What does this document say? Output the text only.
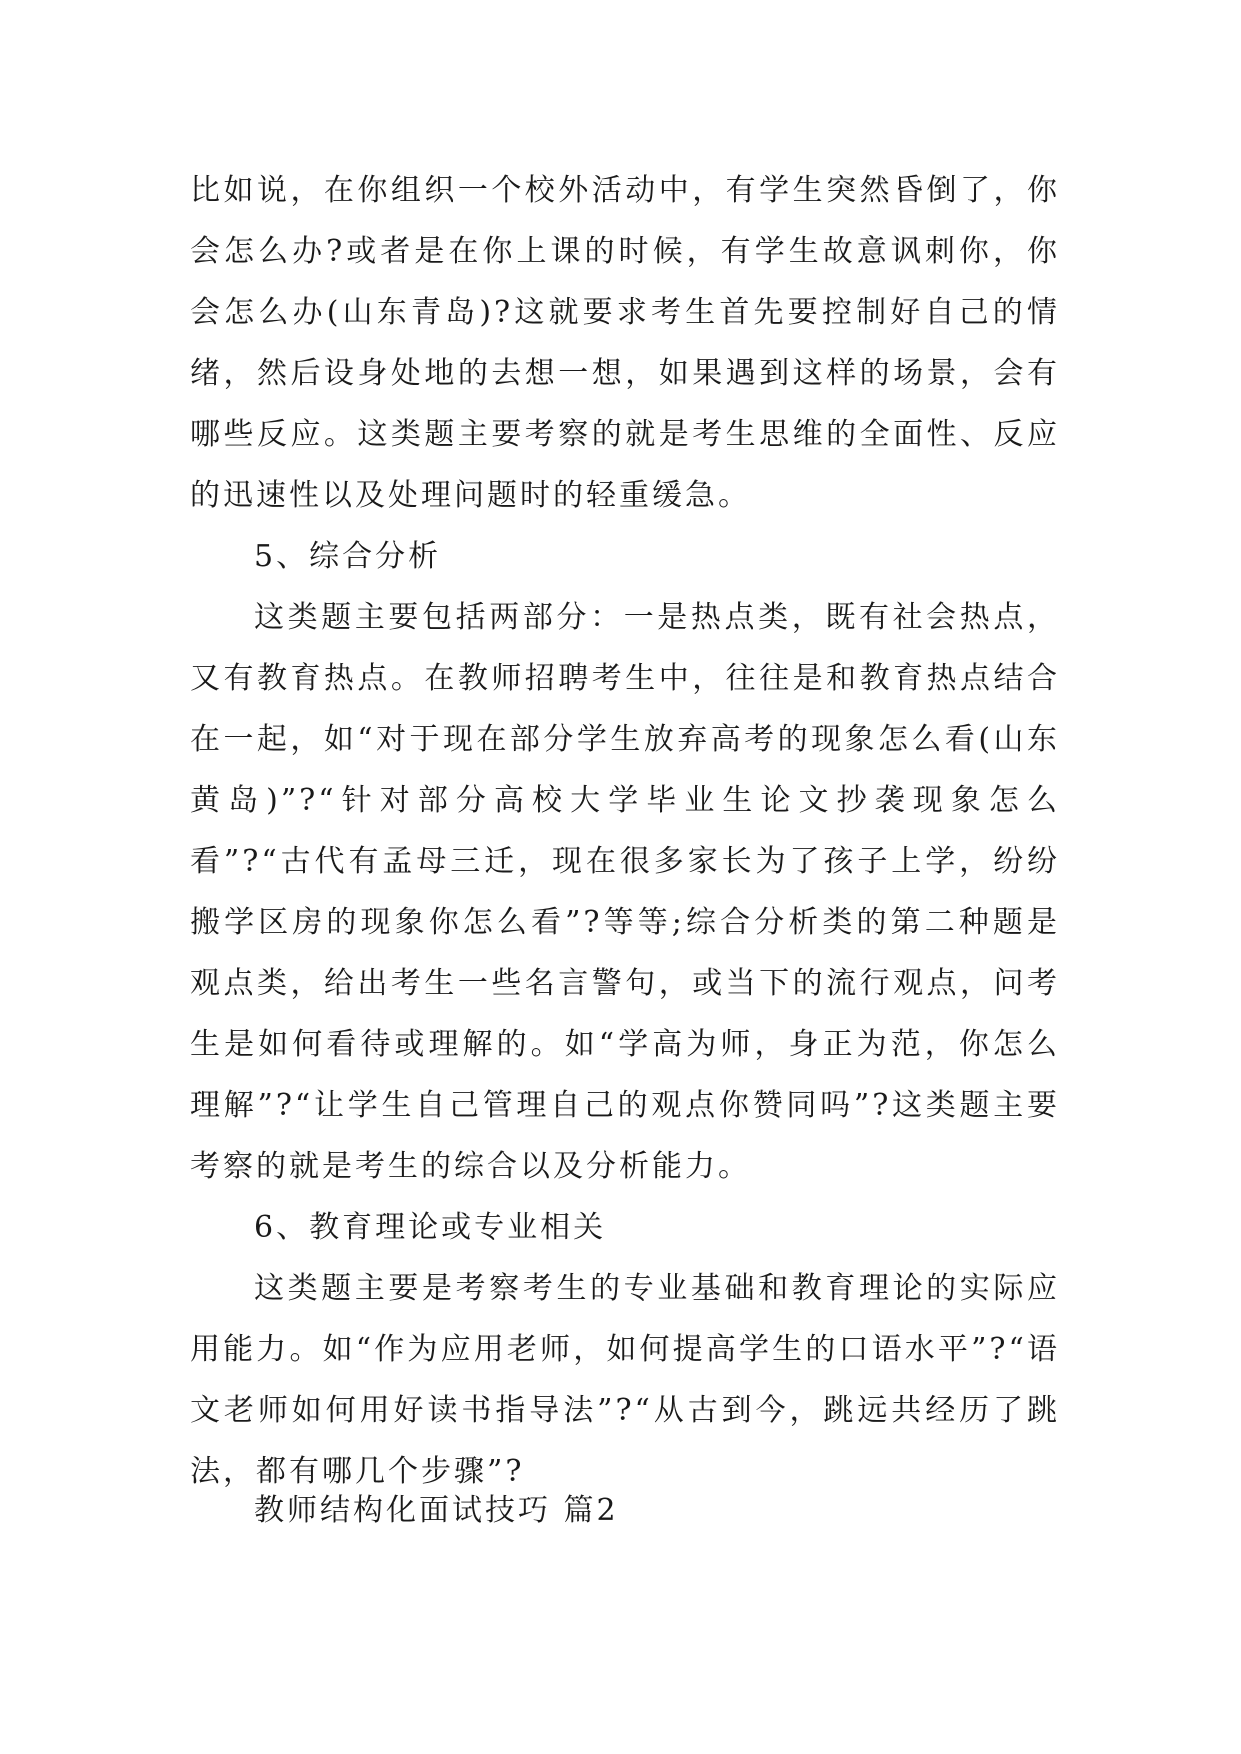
比如说，在你组织一个校外活动中，有学生突然昏倒了，你会怎么办?或者是在你上课的时候，有学生故意讽刺你，你会怎么办(山东青岛)?这就要求考生首先要控制好自己的情绪，然后设身处地的去想一想，如果遇到这样的场景，会有哪些反应。这类题主要考察的就是考生思维的全面性、反应的迅速性以及处理问题时的轻重缓急。

5、综合分析

这类题主要包括两部分：一是热点类，既有社会热点，又有教育热点。在教师招聘考生中，往往是和教育热点结合在一起，如“对于现在部分学生放弃高考的现象怎么看(山东黄岛)”?“针对部分高校大学毕业生论文抄袭现象怎么看”?“古代有孟母三迁，现在很多家长为了孩子上学，纷纷搬学区房的现象你怎么看”?等等;综合分析类的第二种题是观点类，给出考生一些名言警句，或当下的流行观点，问考生是如何看待或理解的。如“学高为师，身正为范，你怎么理解”?“让学生自己管理自己的观点你赞同吗”?这类题主要考察的就是考生的综合以及分析能力。

6、教育理论或专业相关

这类题主要是考察考生的专业基础和教育理论的实际应用能力。如“作为应用老师，如何提高学生的口语水平”?“语文老师如何用好读书指导法”?“从古到今，跳远共经历了跳法，都有哪几个步骤”?

教师结构化面试技巧 篇2
